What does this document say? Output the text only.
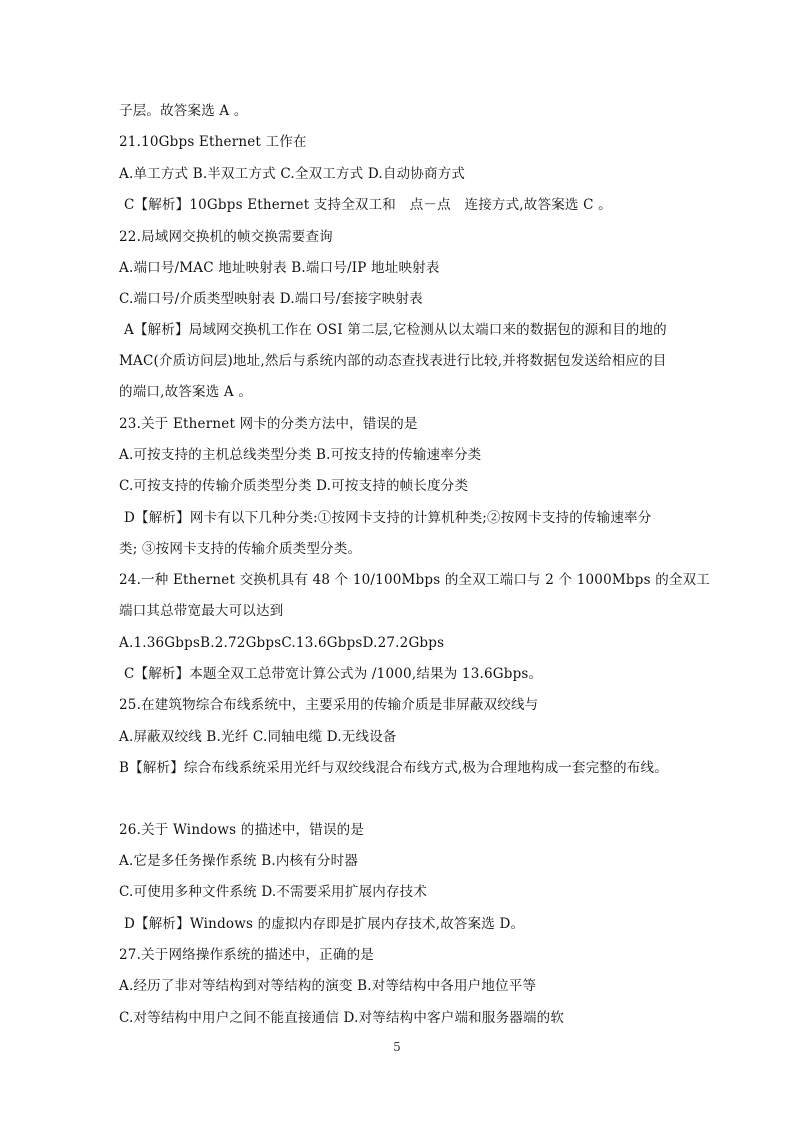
子层。故答案选 A 。
21.10Gbps Ethernet 工作在
A.单工方式 B.半双工方式 C.全双工方式 D.自动协商方式
C【解析】10Gbps Ethernet 支持全双工和　点－点　连接方式,故答案选 C 。
22.局域网交换机的帧交换需要查询
A.端口号/MAC 地址映射表 B.端口号/IP 地址映射表
C.端口号/介质类型映射表 D.端口号/套接字映射表
A【解析】局域网交换机工作在 OSI 第二层,它检测从以太端口来的数据包的源和目的地的
MAC(介质访问层)地址,然后与系统内部的动态查找表进行比较,并将数据包发送给相应的目
的端口,故答案选 A 。
23.关于 Ethernet 网卡的分类方法中，错误的是
A.可按支持的主机总线类型分类 B.可按支持的传输速率分类
C.可按支持的传输介质类型分类 D.可按支持的帧长度分类
D【解析】网卡有以下几种分类:①按网卡支持的计算机种类;②按网卡支持的传输速率分
类; ③按网卡支持的传输介质类型分类。
24.一种 Ethernet 交换机具有 48 个 10/100Mbps 的全双工端口与 2 个 1000Mbps 的全双工
端口其总带宽最大可以达到
A.1.36GbpsB.2.72GbpsC.13.6GbpsD.27.2Gbps
C【解析】本题全双工总带宽计算公式为 /1000,结果为 13.6Gbps。
25.在建筑物综合布线系统中，主要采用的传输介质是非屏蔽双绞线与
A.屏蔽双绞线 B.光纤 C.同轴电缆 D.无线设备
B【解析】综合布线系统采用光纤与双绞线混合布线方式,极为合理地构成一套完整的布线。
26.关于 Windows 的描述中，错误的是
A.它是多任务操作系统 B.内核有分时器
C.可使用多种文件系统 D.不需要采用扩展内存技术
D【解析】Windows 的虚拟内存即是扩展内存技术,故答案选 D。
27.关于网络操作系统的描述中，正确的是
A.经历了非对等结构到对等结构的演变 B.对等结构中各用户地位平等
C.对等结构中用户之间不能直接通信 D.对等结构中客户端和服务器端的软
5
